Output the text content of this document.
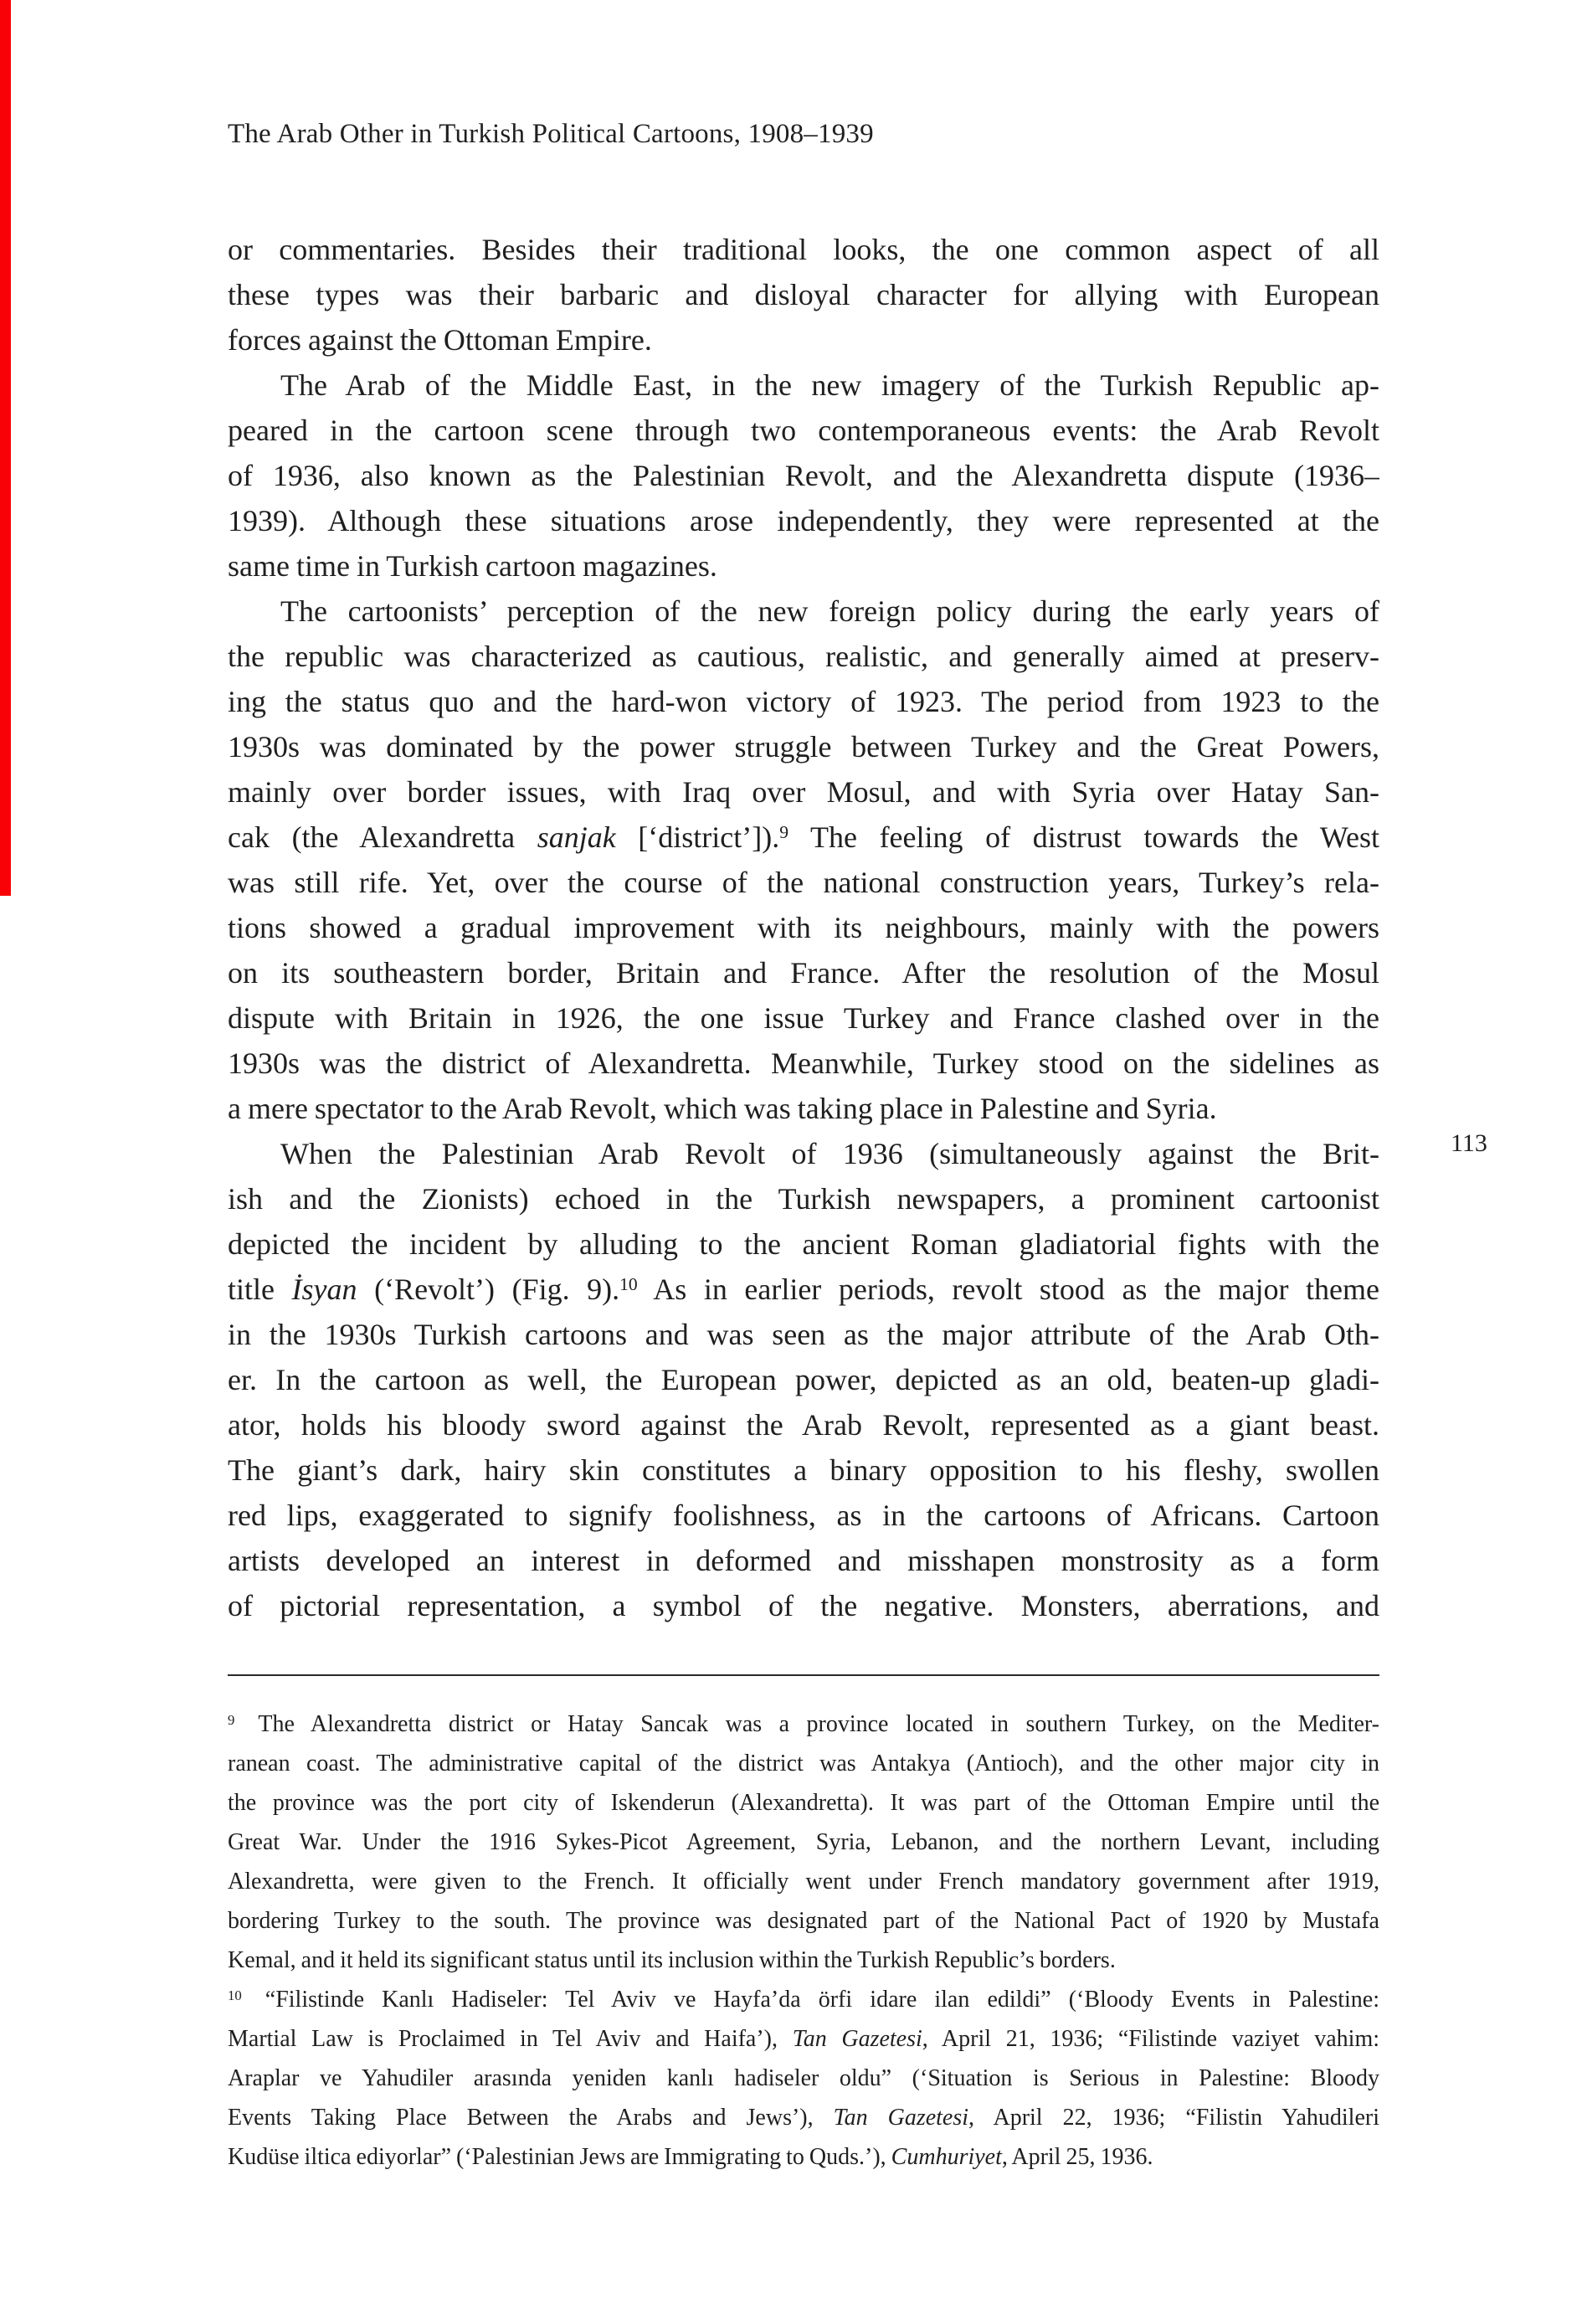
The Arab Other in Turkish Political Cartoons, 1908–1939
or commentaries. Besides their traditional looks, the one common aspect of all
these types was their barbaric and disloyal character for allying with European
forces against the Ottoman Empire.
The Arab of the Middle East, in the new imagery of the Turkish Republic ap-
peared in the cartoon scene through two contemporaneous events: the Arab Revolt
of 1936, also known as the Palestinian Revolt, and the Alexandretta dispute (1936–
1939). Although these situations arose independently, they were represented at the
same time in Turkish cartoon magazines.
The cartoonists’ perception of the new foreign policy during the early years of
the republic was characterized as cautious, realistic, and generally aimed at preserv-
ing the status quo and the hard-won victory of 1923. The period from 1923 to the
1930s was dominated by the power struggle between Turkey and the Great Powers,
mainly over border issues, with Iraq over Mosul, and with Syria over Hatay San-
cak (the Alexandretta sanjak [‘district’]).$^9$ The feeling of distrust towards the West
was still rife. Yet, over the course of the national construction years, Turkey’s rela-
tions showed a gradual improvement with its neighbours, mainly with the powers
on its southeastern border, Britain and France. After the resolution of the Mosul
dispute with Britain in 1926, the one issue Turkey and France clashed over in the
1930s was the district of Alexandretta. Meanwhile, Turkey stood on the sidelines as
a mere spectator to the Arab Revolt, which was taking place in Palestine and Syria.
When the Palestinian Arab Revolt of 1936 (simultaneously against the Brit-
ish and the Zionists) echoed in the Turkish newspapers, a prominent cartoonist
depicted the incident by alluding to the ancient Roman gladiatorial fights with the
title İsyan (‘Revolt’) (Fig. 9).$^{10}$ As in earlier periods, revolt stood as the major theme
in the 1930s Turkish cartoons and was seen as the major attribute of the Arab Oth-
er. In the cartoon as well, the European power, depicted as an old, beaten-up gladi-
ator, holds his bloody sword against the Arab Revolt, represented as a giant beast.
The giant’s dark, hairy skin constitutes a binary opposition to his fleshy, swollen
red lips, exaggerated to signify foolishness, as in the cartoons of Africans. Cartoon
artists developed an interest in deformed and misshapen monstrosity as a form
of pictorial representation, a symbol of the negative. Monsters, aberrations, and
113
$^9$ The Alexandretta district or Hatay Sancak was a province located in southern Turkey, on the Mediter-
ranean coast. The administrative capital of the district was Antakya (Antioch), and the other major city in
the province was the port city of Iskenderun (Alexandretta). It was part of the Ottoman Empire until the
Great War. Under the 1916 Sykes-Picot Agreement, Syria, Lebanon, and the northern Levant, including
Alexandretta, were given to the French. It officially went under French mandatory government after 1919,
bordering Turkey to the south. The province was designated part of the National Pact of 1920 by Mustafa
Kemal, and it held its significant status until its inclusion within the Turkish Republic’s borders.
$^{10}$ “Filistinde Kanlı Hadiseler: Tel Aviv ve Hayfa’da örfi idare ilan edildi” (‘Bloody Events in Palestine:
Martial Law is Proclaimed in Tel Aviv and Haifa’), Tan Gazetesi, April 21, 1936; “Filistinde vaziyet vahim:
Araplar ve Yahudiler arasında yeniden kanlı hadiseler oldu” (‘Situation is Serious in Palestine: Bloody
Events Taking Place Between the Arabs and Jews’), Tan Gazetesi, April 22, 1936; “Filistin Yahudileri
Kudüse iltica ediyorlar” (‘Palestinian Jews are Immigrating to Quds.’), Cumhuriyet, April 25, 1936.
